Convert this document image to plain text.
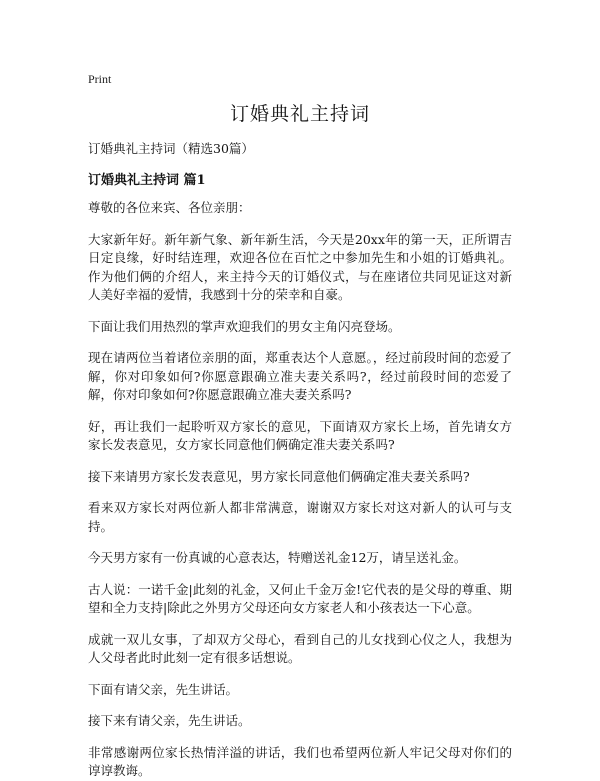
Print
订婚典礼主持词

订婚典礼主持词（精选30篇）

订婚典礼主持词 篇1

尊敬的各位来宾、各位亲朋：

大家新年好。新年新气象、新年新生活，今天是20xx年的第一天，正所谓吉日定良缘，好时结连理，欢迎各位在百忙之中参加先生和小姐的订婚典礼。作为他们俩的介绍人，来主持今天的订婚仪式，与在座诸位共同见证这对新人美好幸福的爱情，我感到十分的荣幸和自豪。

下面让我们用热烈的掌声欢迎我们的男女主角闪亮登场。

现在请两位当着诸位亲朋的面，郑重表达个人意愿。，经过前段时间的恋爱了解，你对印象如何?你愿意跟确立准夫妻关系吗?，经过前段时间的恋爱了解，你对印象如何?你愿意跟确立准夫妻关系吗?

好，再让我们一起聆听双方家长的意见，下面请双方家长上场，首先请女方家长发表意见，女方家长同意他们俩确定准夫妻关系吗?

接下来请男方家长发表意见，男方家长同意他们俩确定准夫妻关系吗?

看来双方家长对两位新人都非常满意，谢谢双方家长对这对新人的认可与支持。

今天男方家有一份真诚的心意表达，特赠送礼金12万，请呈送礼金。

古人说：一诺千金|此刻的礼金，又何止千金万金!它代表的是父母的尊重、期望和全力支持|除此之外男方父母还向女方家老人和小孩表达一下心意。

成就一双儿女事，了却双方父母心，看到自己的儿女找到心仪之人，我想为人父母者此时此刻一定有很多话想说。

下面有请父亲，先生讲话。

接下来有请父亲，先生讲话。

非常感谢两位家长热情洋溢的讲话，我们也希望两位新人牢记父母对你们的谆谆教诲。
